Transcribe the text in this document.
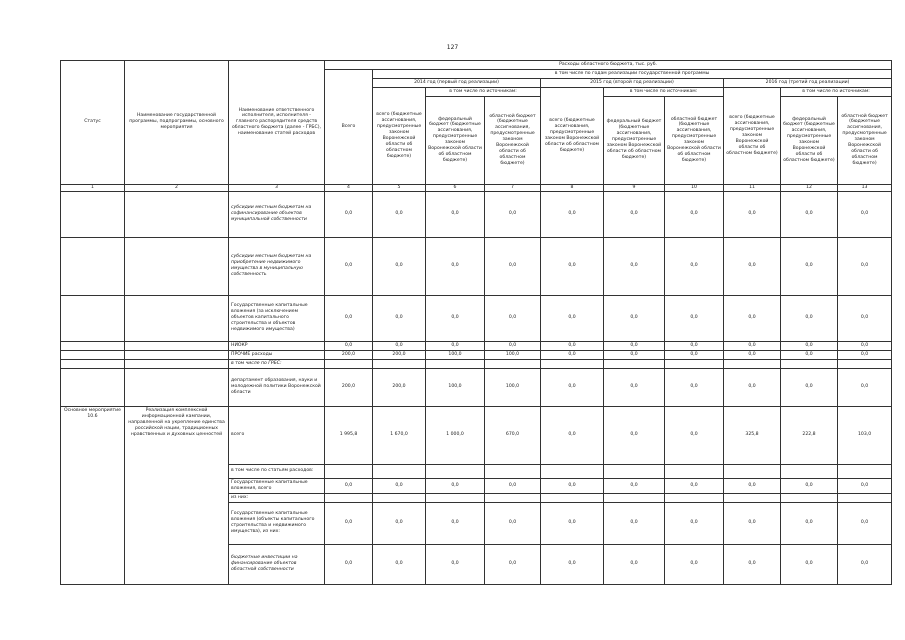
127
Статус	Наименование государственной программы, подпрограммы, основного мероприятия	Наименование ответственного исполнителя, исполнителя - главного распорядителя средств областного бюджета (далее - ГРБС), наименование статей расходов	Расходы областного бюджета, тыс. руб.									
			Всего	в том числе по годам реализации государственной программы								
				2014 год (первый год реализации)			2015 год (второй год реализации)			2016 год (третий год реализации)		
				всего (бюджетные ассигнования, предусмотренные законом Воронежской области об областном бюджете)	в том числе по источникам:		всего (бюджетные ассигнования, предусмотренные законом Воронежской области об областном бюджете)	в том числе по источникам:		всего (бюджетные ассигнования, предусмотренные законом Воронежской области об областном бюджете)	в том числе по источникам:	
					федеральный бюджет (бюджетные ассигнования, предусмотренные законом Воронежской области об областном бюджете)	областной бюджет (бюджетные ассигнования, предусмотренные законом Воронежской области об областном бюджете)		федеральный бюджет (бюджетные ассигнования, предусмотренные законом Воронежской области об областном бюджете)	областной бюджет (бюджетные ассигнования, предусмотренные законом Воронежской области об областном бюджете)		федеральный бюджет (бюджетные ассигнования, предусмотренные законом Воронежской области об областном бюджете)	областной бюджет (бюджетные ассигнования, предусмотренные законом Воронежской области об областном бюджете)
1	2	3	4	5	6	7	8	9	10	11	12	13
		субсидии местным бюджетам на софинансирование объектов муниципальной собственности	0,0	0,0	0,0	0,0	0,0	0,0	0,0	0,0	0,0	0,0
		субсидии местным бюджетам на приобретение недвижимого имущества в муниципальную собственность	0,0	0,0	0,0	0,0	0,0	0,0	0,0	0,0	0,0	0,0
		Государственные капитальные вложения (за исключением объектов капитального строительства и объектов недвижимого имущества)	0,0	0,0	0,0	0,0	0,0	0,0	0,0	0,0	0,0	0,0
		НИОКР	0,0	0,0	0,0	0,0	0,0	0,0	0,0	0,0	0,0	0,0
		ПРОЧИЕ расходы	200,0	200,0	100,0	100,0	0,0	0,0	0,0	0,0	0,0	0,0
		в том числе по ГРБС:										
		департамент образования, науки и молодежной политики Воронежской области	200,0	200,0	100,0	100,0	0,0	0,0	0,0	0,0	0,0	0,0
Основное мероприятие 10.6	Реализация комплексной информационной кампании, направленной на укрепление единства российской нации, традиционных нравственных и духовных ценностей	всего	1 995,8	1 670,0	1 000,0	670,0	0,0	0,0	0,0	325,8	222,8	103,0
		в том числе по статьям расходов:										
		Государственные капитальные вложения, всего	0,0	0,0	0,0	0,0	0,0	0,0	0,0	0,0	0,0	0,0
		из них:										
		Государственные капитальные вложения (объекты капитального строительства и недвижимого имущества), из них:	0,0	0,0	0,0	0,0	0,0	0,0	0,0	0,0	0,0	0,0
		бюджетные инвестиции на финансирование объектов областной собственности	0,0	0,0	0,0	0,0	0,0	0,0	0,0	0,0	0,0	0,0
